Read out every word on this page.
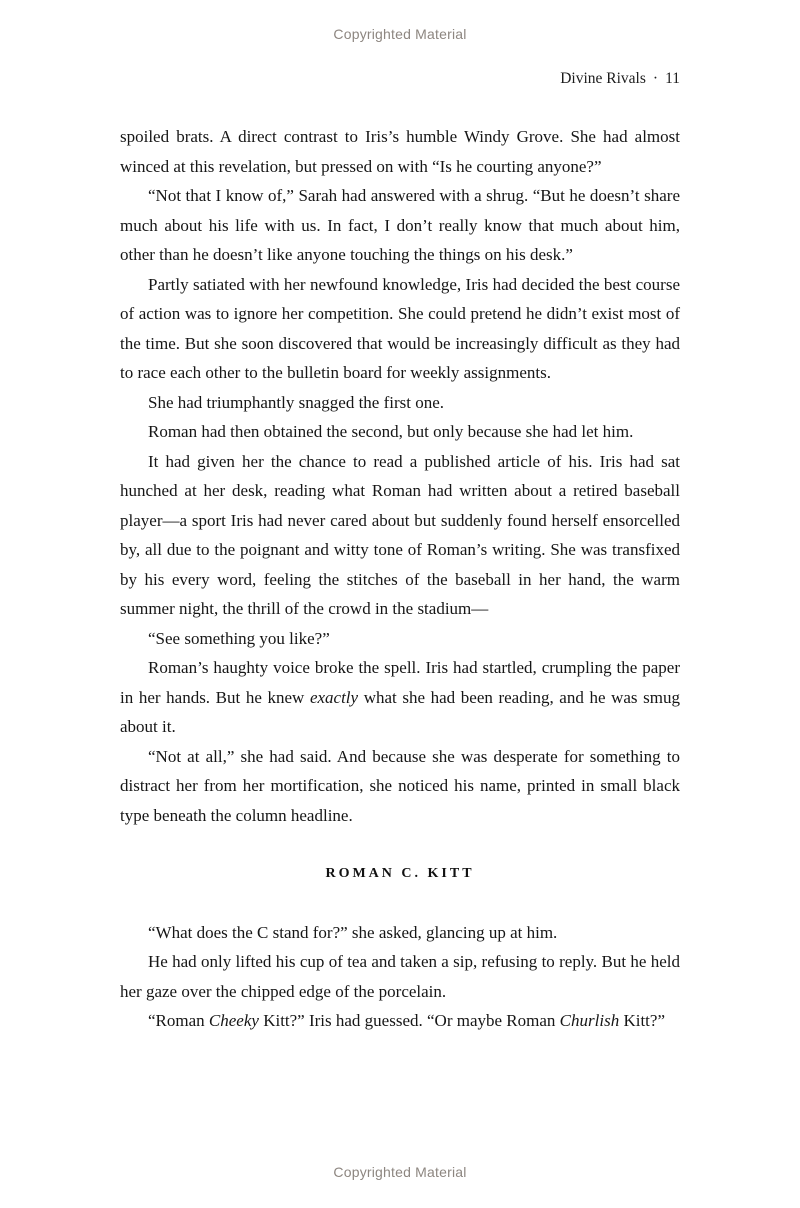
Copyrighted Material
Divine Rivals · 11

spoiled brats. A direct contrast to Iris’s humble Windy Grove. She had almost winced at this revelation, but pressed on with “Is he courting anyone?”

“Not that I know of,” Sarah had answered with a shrug. “But he doesn’t share much about his life with us. In fact, I don’t really know that much about him, other than he doesn’t like anyone touching the things on his desk.”

Partly satiated with her newfound knowledge, Iris had decided the best course of action was to ignore her competition. She could pretend he didn’t exist most of the time. But she soon discovered that would be increasingly difficult as they had to race each other to the bulletin board for weekly assignments.

She had triumphantly snagged the first one.

Roman had then obtained the second, but only because she had let him.

It had given her the chance to read a published article of his. Iris had sat hunched at her desk, reading what Roman had written about a retired baseball player—a sport Iris had never cared about but suddenly found herself ensorcelled by, all due to the poignant and witty tone of Roman’s writing. She was transfixed by his every word, feeling the stitches of the baseball in her hand, the warm summer night, the thrill of the crowd in the stadium—

“See something you like?”

Roman’s haughty voice broke the spell. Iris had startled, crumpling the paper in her hands. But he knew exactly what she had been reading, and he was smug about it.

“Not at all,” she had said. And because she was desperate for something to distract her from her mortification, she noticed his name, printed in small black type beneath the column headline.

ROMAN C. KITT

“What does the C stand for?” she asked, glancing up at him.

He had only lifted his cup of tea and taken a sip, refusing to reply. But he held her gaze over the chipped edge of the porcelain.

“Roman Cheeky Kitt?” Iris had guessed. “Or maybe Roman Churlish Kitt?”

Copyrighted Material
